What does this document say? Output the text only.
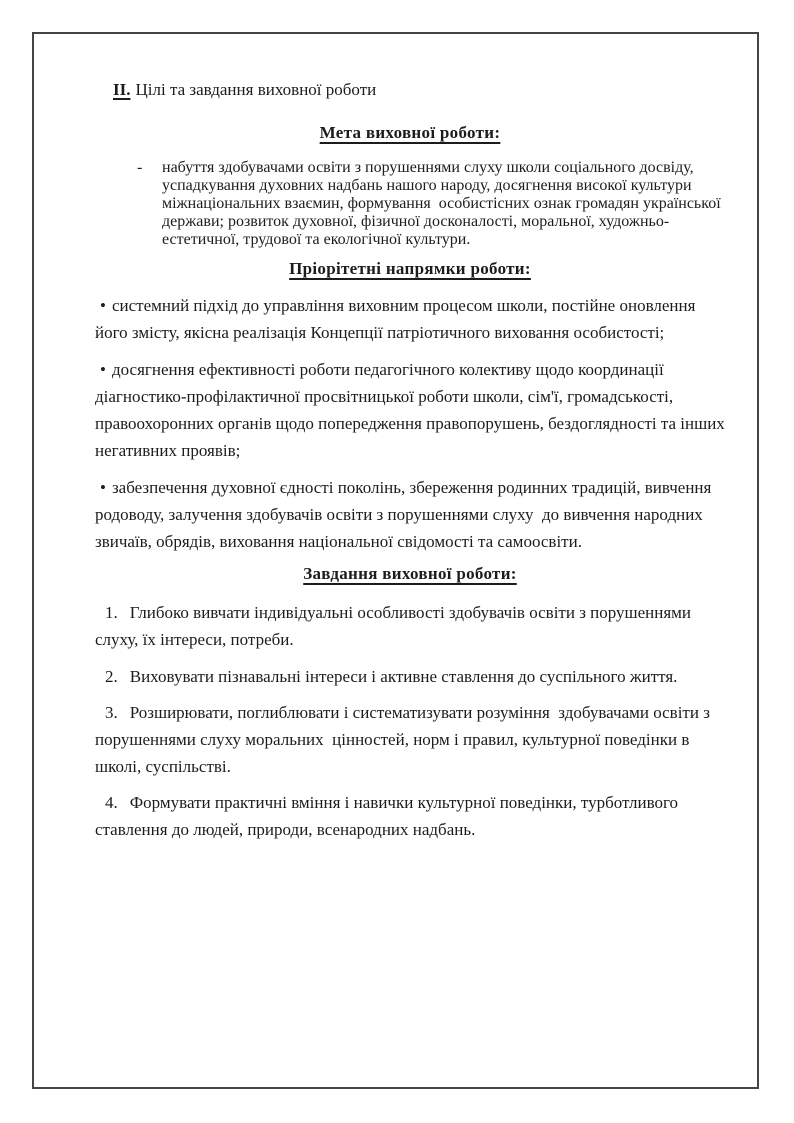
II. Цілі та завдання виховної роботи

Мета виховної роботи:
- набуття здобувачами освіти з порушеннями слуху школи соціального досвіду, успадкування духовних надбань нашого народу, досягнення високої культури міжнаціональних взаємин, формування  особистісних ознак громадян української держави; розвиток духовної, фізичної досконалості, моральної, художньо-естетичної, трудової та екологічної культури.
Пріорітетні напрямки роботи:

• системний підхід до управління виховним процесом школи, постійне оновлення його змісту, якісна реалізація Концепції патріотичного виховання особистості;

• досягнення ефективності роботи педагогічного колективу щодо координації діагностико-профілактичної просвітницької роботи школи, сім'ї, громадськості, правоохоронних органів щодо попередження правопорушень, бездоглядності та інших негативних проявів;

• забезпечення духовної єдності поколінь, збереження родинних традицій, вивчення родоводу, залучення здобувачів освіти з порушеннями слуху  до вивчення народних звичаїв, обрядів, виховання національної свідомості та самоосвіти.

Завдання виховної роботи:

1. Глибоко вивчати індивідуальні особливості здобувачів освіти з порушеннями слуху, їх інтереси, потреби.

2. Виховувати пізнавальні інтереси і активне ставлення до суспільного життя.

3. Розширювати, поглиблювати і систематизувати розуміння  здобувачами освіти з порушеннями слуху моральних  цінностей, норм і правил, культурної поведінки в школі, суспільстві.

4. Формувати практичні вміння і навички культурної поведінки, турботливого ставлення до людей, природи, всенародних надбань.
